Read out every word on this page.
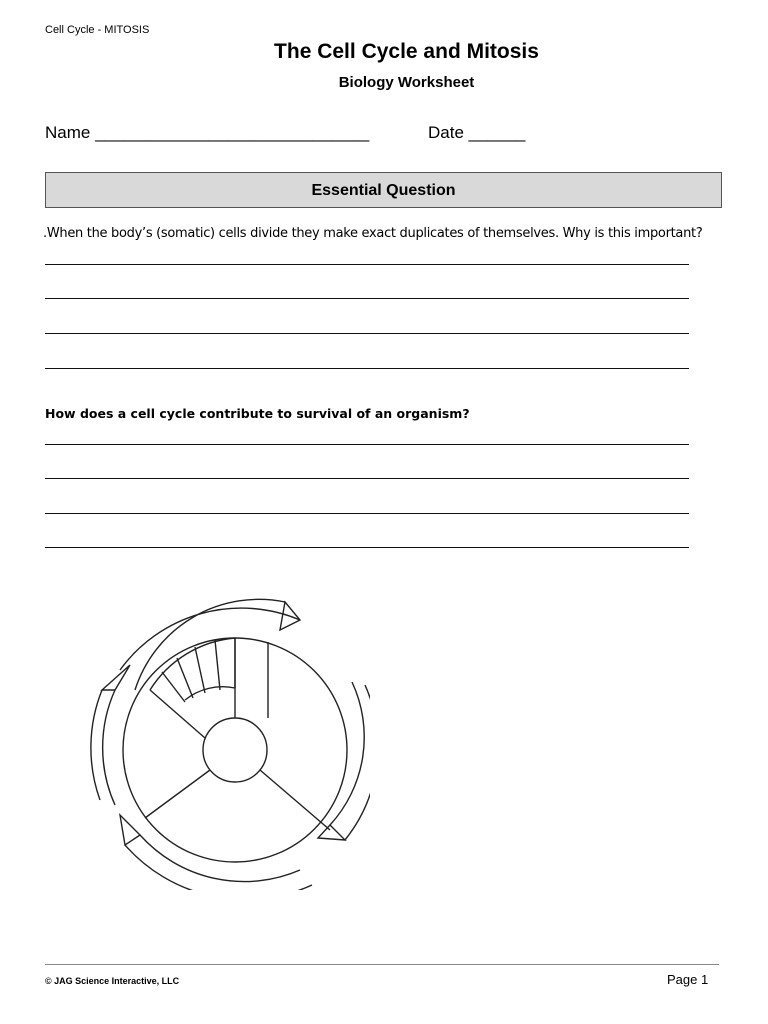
Cell Cycle - MITOSIS
The Cell Cycle and Mitosis
Biology Worksheet
Name _____________________________	Date ______
Essential Question
.When the body’s (somatic) cells divide they make exact duplicates of themselves. Why is this important?
How does a cell cycle contribute to survival of an organism?
© JAG Science Interactive, LLC	Page 1
